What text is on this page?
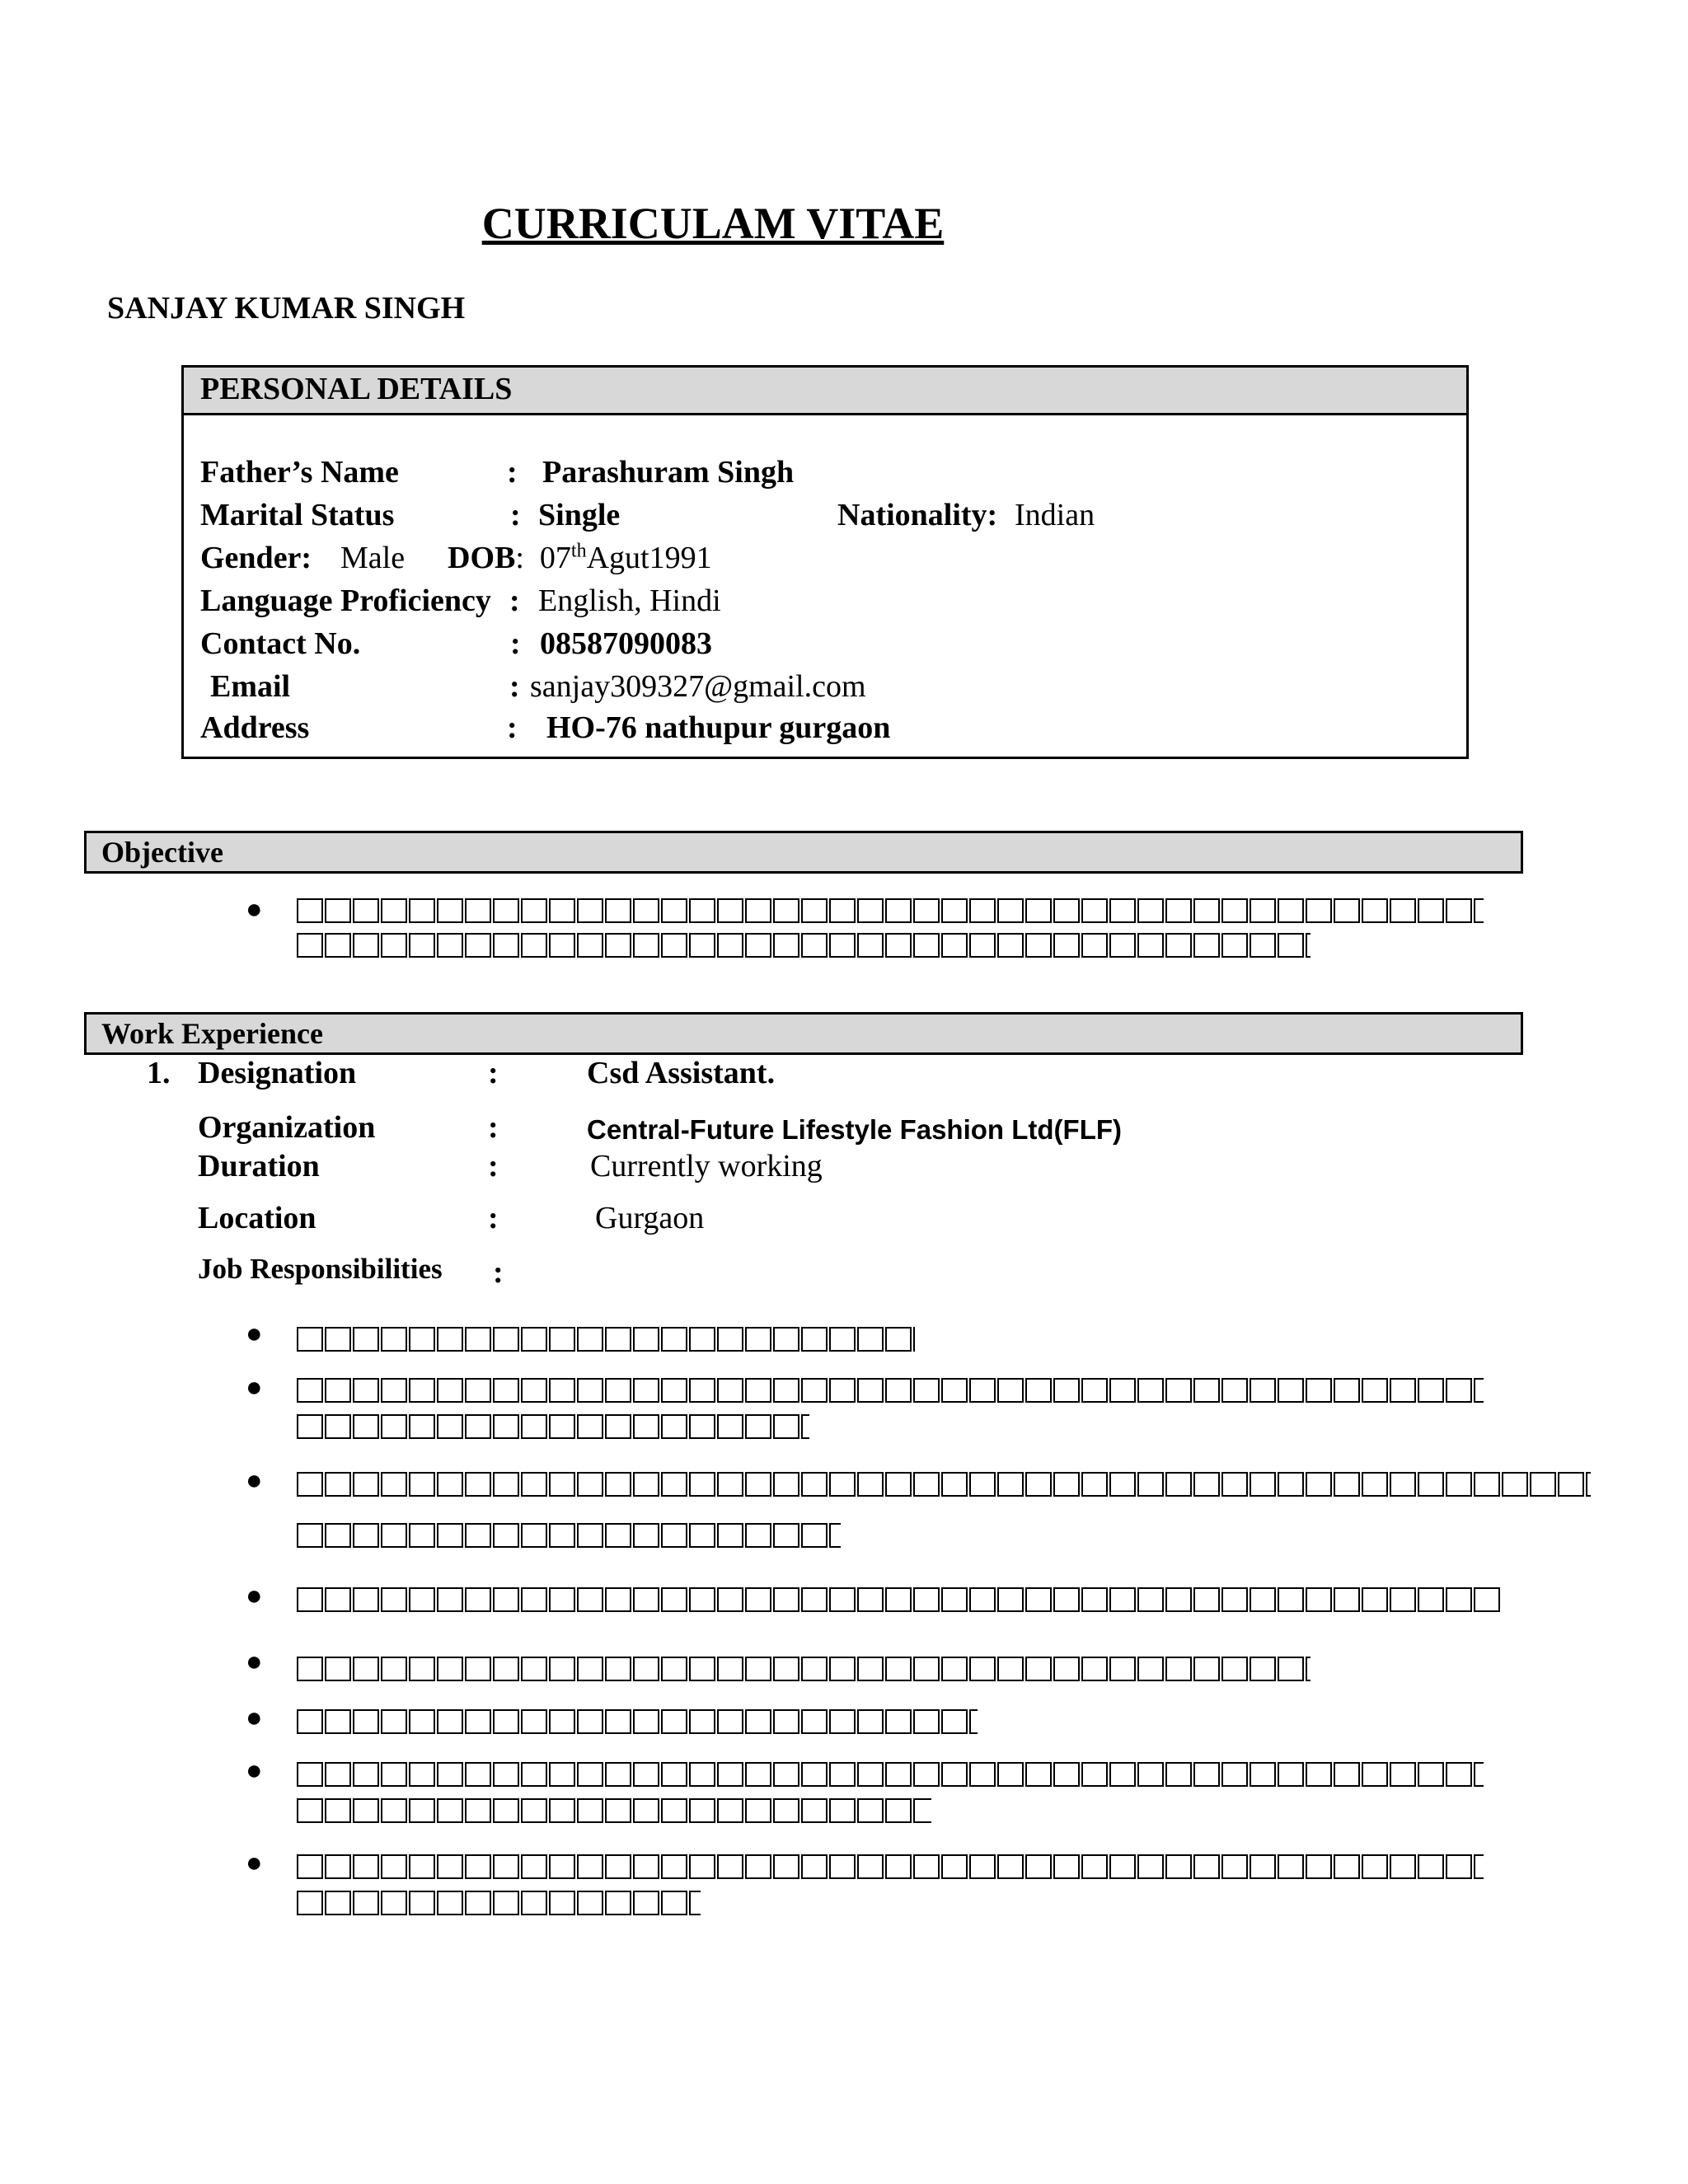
CURRICULAM VITAE
SANJAY KUMAR SINGH
PERSONAL DETAILS
Father’s Name	: Parashuram Singh
Marital Status	: Single	Nationality: Indian
Gender: Male DOB:  07thAgut1991
Language Proficiency : English, Hindi
Contact No.	: 08587090083
Email	: sanjay309327@gmail.com
Address	: HO-76 nathupur gurgaon
Objective
●
Work Experience
1. Designation	:	Csd Assistant.
Organization	:	Central-Future Lifestyle Fashion Ltd(FLF)
Duration	:	Currently working
Location	:	Gurgaon
Job Responsibilities :
●
●
●
●
●
●
●
●
